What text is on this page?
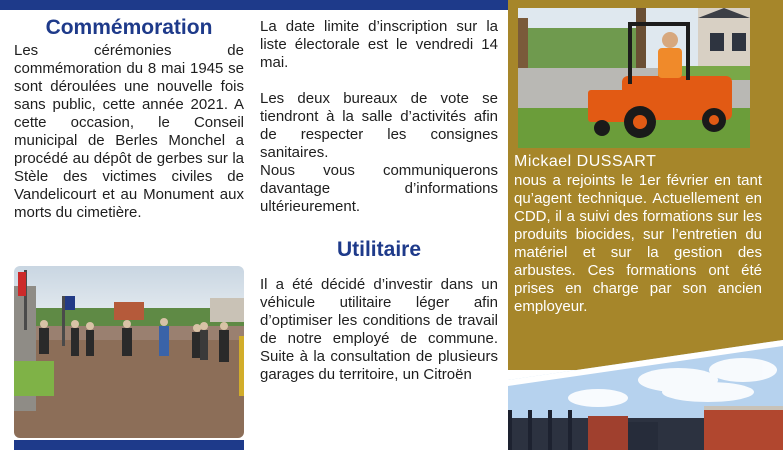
Commémoration

Les cérémonies de commémoration du 8 mai 1945 se sont déroulées une nouvelle fois sans public, cette année 2021. A cette occasion, le Conseil municipal de Berles Monchel a procédé au dépôt de gerbes sur la Stèle des victimes civiles de Vandelicourt et au Monument aux morts du cimetière.

La date limite d’inscription sur la liste électorale est le vendredi 14 mai.

Les deux bureaux de vote se tiendront à la salle d’activités afin de respecter les consignes sanitaires.

Nous vous communiquerons davantage d’informations ultérieurement.

Utilitaire

Il a été décidé d’investir dans un véhicule utilitaire léger afin d’optimiser les conditions de travail de notre employé de commune. Suite à la consultation de plusieurs garages du territoire, un Citroën

Mickael DUSSART

nous a rejoints le 1er février en tant qu’agent technique. Actuellement en CDD, il a suivi des formations sur les produits biocides, sur l’entretien du matériel et sur la gestion des arbustes. Ces formations ont été prises en charge par son ancien employeur.
